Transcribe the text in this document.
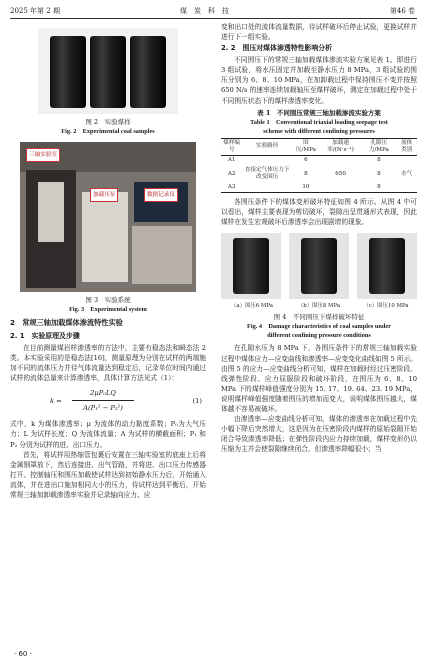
2025 年第 2 期	煤　炭　科　技	第46 卷
图 2　实验煤样
Fig. 2　Experimental coal samples
三轴实验室
加载压泵	数据记录仪
图 3　实验系统
Fig. 3　Experimental system
2　常规三轴加载煤体渗流特性实验
2. 1　实验原理及步骤

在目前测量煤岩样渗透率的方法中，主要有稳态法和瞬态法 2 类。本实验采用的是稳态法[16]，测量原理为分别在试样的两端施加不同的流体压力并待气体流量达到稳定后，记录单位时间内通过试样的流体总量来计算渗透率，具体计算方法见式（1）：

k =
2μP₀LQ
A(P₁² − P₂²)
(1)

式中，k 为煤体渗透率；μ 为流体的动力黏度系数；P₀为大气压力；L 为试样长度；Q 为流体流量；A 为试样的横截面积；P₁ 和 P₂ 分别为试样的进、出口压力。

首先，将试样用热缩管包裹后安置在三轴实验室的底座上后将金属钢罩放下，然后连接进、出气管路，并将进、出口压力传感器打开。控制轴压和围压加载使试样达到初始静水压力后，开始通入流体，并在进出口施加相同大小的压力，待试样达到平衡后，开始常规三轴加卸载渗透率实验并记录轴向应力、应

变和出口处的流体流量数据，待试样破坏后停止试验，更换试样并进行下一组实验。

2. 2　围压对煤体渗透特性影响分析

不同围压下的常规三轴加载煤体渗流实验方案见表 1。即进行 3 组试验，将水压固定并加载至静水压力 8 MPa，3 组试验的围压分别为 6、8、10 MPa，在加卸载过程中保持围压不变并按照 650 N/s 的速率连续加载轴压至煤样破坏，测定在加载过程中处于不同围压状态下的煤样渗透率变化。

表 1　不同围压常规三轴加载渗流实验方案
Table 1　Conventional triaxial loading seepage test
scheme with different confining pressures
煤样编号	实验路径	围压/MPa	加载速率/(N·s⁻¹)	孔隙压力/MPa	流体类别
A1		6		8	
A2	直接定气体压力下改变围压	8	650	8	水气
A3		10		8	

各围压条件下的煤体变形破坏特征如图 4 所示。从图 4 中可以看出，煤样主要表现为剪切破坏，裂隙出呈贯通形式表现，因此煤样在发生宏观破坏后渗透率会出现剧增的现象。

（a）围压6 MPa	（b）围压8 MPa	（c）围压10 MPa
图 4　不同围压下煤样破坏特征
Fig. 4　Damage characteristics of coal samples under
different confining pressure conditions

在孔隙水压为 8 MPa 下，各围压条件下的常规三轴加载实验过程中煤体应力—应变曲线和渗透率—应变变化曲线如图 5 所示。由图 5 的应力—应变曲线分析可知，煤样在加载时经过压密阶段、线弹性阶段、应力屈服阶段和破坏阶段，在围压为 6、8、10 MPa 下的煤样峰值强度分别为 15. 17、19. 64、23. 19 MPa，说明煤样峰值强度随着围压的增加而变大，说明煤体围压越大，煤体越不容易被破坏。

由渗透率—应变曲线分析可知，煤体的渗透率在加载过程中先小幅下降后突然增大，这是因为在压密阶段内煤样的原始裂隙开始闭合导致渗透率降低；在弹性阶段内应力持续加载，煤样变形仍以压缩为主并会使裂隙继续闭合，但渗透率降幅很小；当

· 60 ·
